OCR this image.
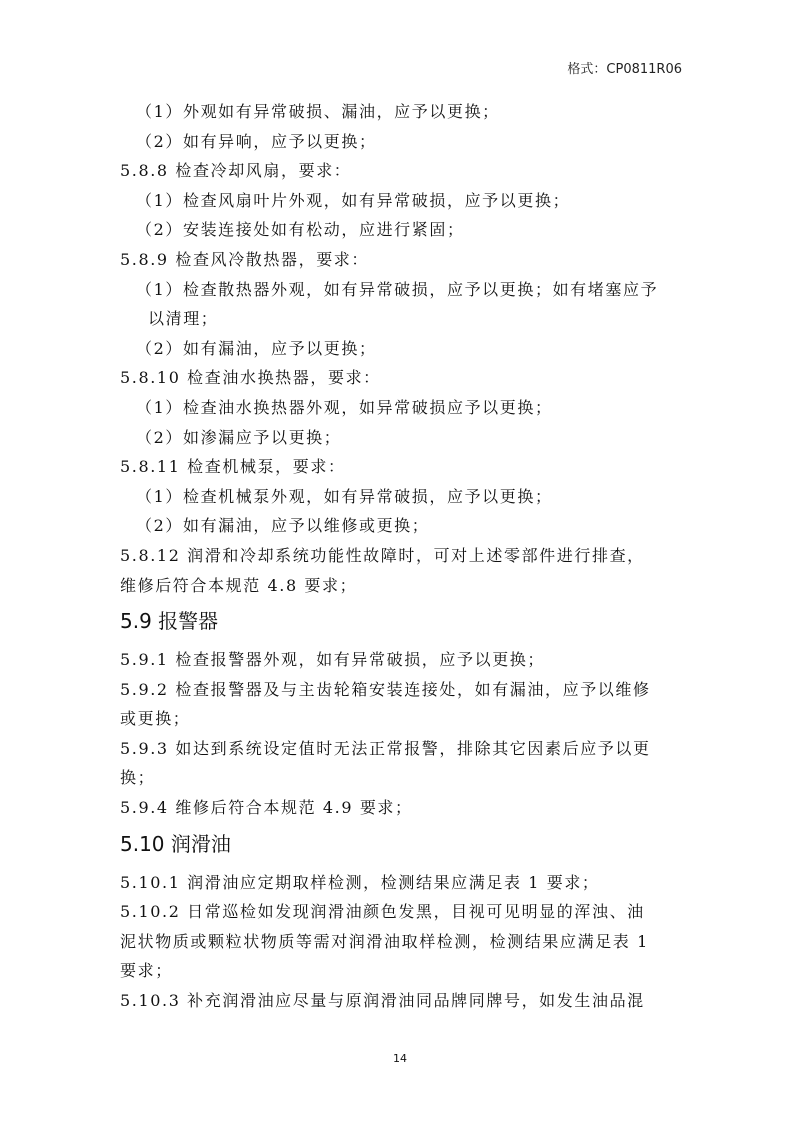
格式：CP0811R06
（1）外观如有异常破损、漏油，应予以更换；
（2）如有异响，应予以更换；
5.8.8 检查冷却风扇，要求：
（1）检查风扇叶片外观，如有异常破损，应予以更换；
（2）安装连接处如有松动，应进行紧固；
5.8.9 检查风冷散热器，要求：
（1）检查散热器外观，如有异常破损，应予以更换；如有堵塞应予
以清理；
（2）如有漏油，应予以更换；
5.8.10 检查油水换热器，要求：
（1）检查油水换热器外观，如异常破损应予以更换；
（2）如渗漏应予以更换；
5.8.11 检查机械泵，要求：
（1）检查机械泵外观，如有异常破损，应予以更换；
（2）如有漏油，应予以维修或更换；
5.8.12 润滑和冷却系统功能性故障时，可对上述零部件进行排查，
维修后符合本规范 4.8 要求；
5.9 报警器
5.9.1 检查报警器外观，如有异常破损，应予以更换；
5.9.2 检查报警器及与主齿轮箱安装连接处，如有漏油，应予以维修
或更换；
5.9.3 如达到系统设定值时无法正常报警，排除其它因素后应予以更
换；
5.9.4 维修后符合本规范 4.9 要求；
5.10 润滑油
5.10.1 润滑油应定期取样检测，检测结果应满足表 1 要求；
5.10.2 日常巡检如发现润滑油颜色发黑，目视可见明显的浑浊、油
泥状物质或颗粒状物质等需对润滑油取样检测，检测结果应满足表 1
要求；
5.10.3 补充润滑油应尽量与原润滑油同品牌同牌号，如发生油品混
14
